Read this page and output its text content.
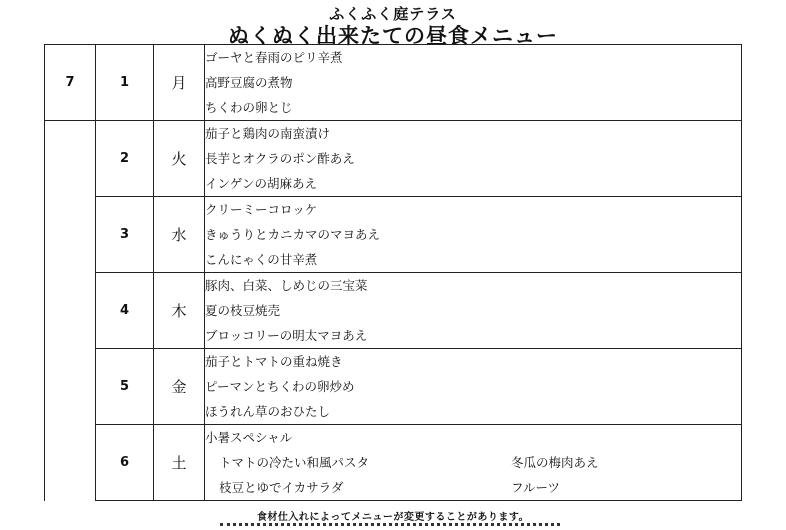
ふくふく庭テラス
ぬくぬく出来たての昼食メニュー
7	1	月	ゴーヤと春雨のピリ辛煮
高野豆腐の煮物
ちくわの卵とじ

	2	火	茄子と鶏肉の南蛮漬け
長芋とオクラのポン酢あえ
インゲンの胡麻あえ

	3	水	クリーミーコロッケ
きゅうりとカニカマのマヨあえ
こんにゃくの甘辛煮

	4	木	豚肉、白菜、しめじの三宝菜
夏の枝豆焼売
ブロッコリーの明太マヨあえ

	5	金	茄子とトマトの重ね焼き
ピーマンとちくわの卵炒め
ほうれん草のおひたし

	6	土	小暑スペシャル
トマトの冷たい和風パスタ 冬瓜の梅肉あえ
枝豆とゆでイカサラダ フルーツ
食材仕入れによってメニューが変更することがあります。
